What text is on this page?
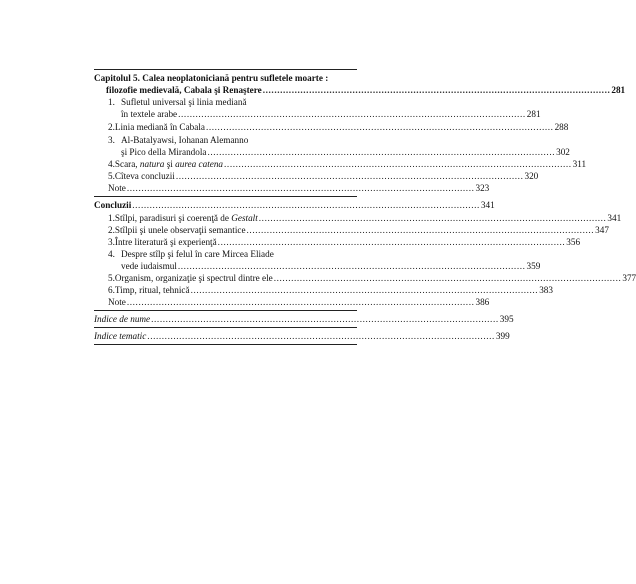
Capitolul 5. Calea neoplatoniciană pentru sufletele moarte :
filozofie medievală, Cabala şi Renaştere ........................................................................................................................ 281
1. Sufletul universal şi linia mediană
în textele arabe ........................................................................................................................ 281
2. Linia mediană în Cabala ........................................................................................................................ 288
3. Al-Batalyawsi, Iohanan Alemanno
şi Pico della Mirandola ........................................................................................................................ 302
4. Scara, natura şi aurea catena ........................................................................................................................ 311
5. Cîteva concluzii ........................................................................................................................ 320
Note ........................................................................................................................ 323
Concluzii ........................................................................................................................ 341
1. Stîlpi, paradisuri şi coerenţă de Gestalt ........................................................................................................................ 341
2. Stîlpii şi unele observaţii semantice ........................................................................................................................ 347
3. Între literatură şi experienţă ........................................................................................................................ 356
4. Despre stîlp şi felul în care Mircea Eliade
vede iudaismul ........................................................................................................................ 359
5. Organism, organizaţie şi spectrul dintre ele ........................................................................................................................ 377
6. Timp, ritual, tehnică ........................................................................................................................ 383
Note ........................................................................................................................ 386
Indice de nume ........................................................................................................................ 395
Indice tematic ........................................................................................................................ 399
